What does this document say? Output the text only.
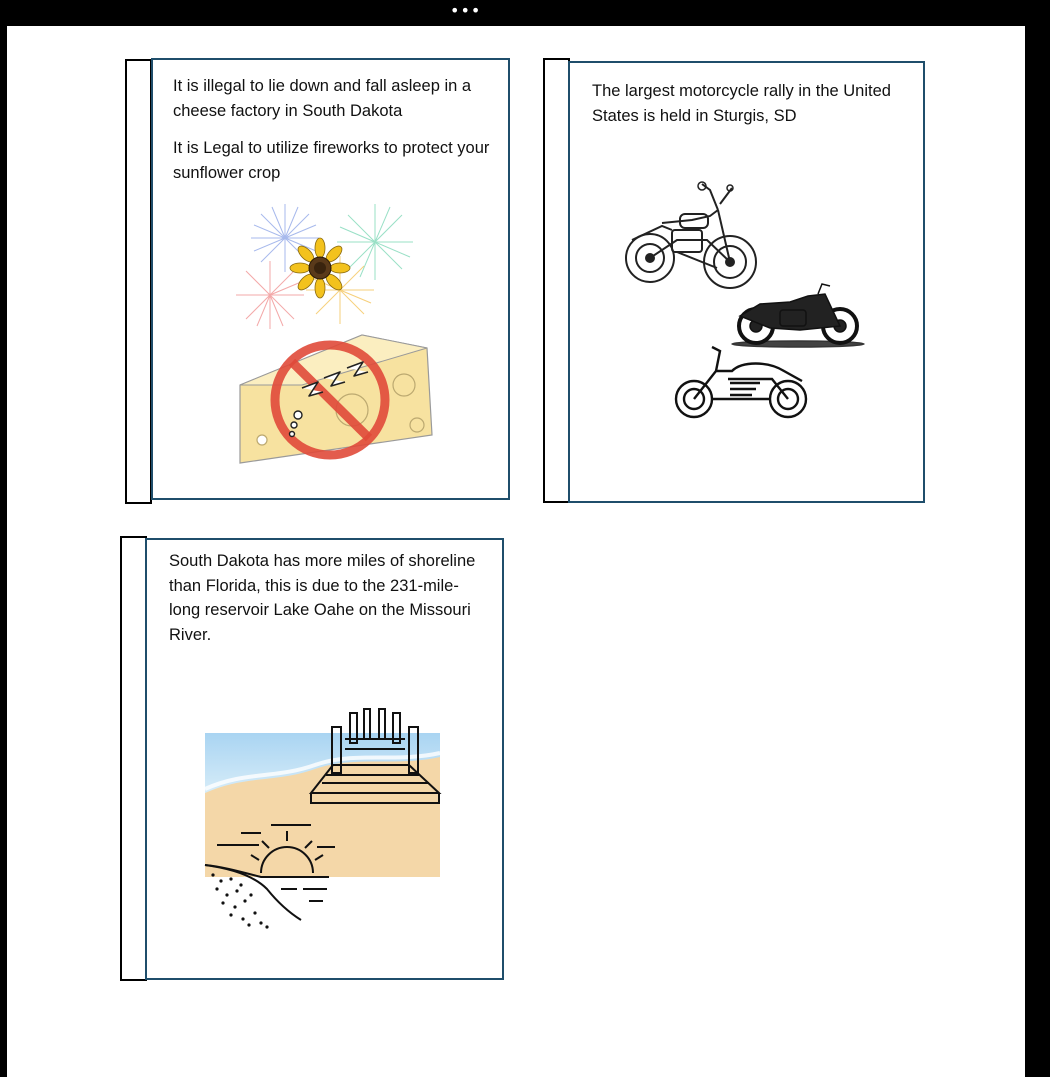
•••

It is illegal to lie down and fall asleep in a cheese factory in South Dakota

It is Legal to utilize fireworks to protect your sunflower crop

The largest motorcycle rally in the United States is held in Sturgis, SD

South Dakota has more miles of shoreline than Florida, this is due to the 231-mile-long reservoir Lake Oahe on the Missouri River.
